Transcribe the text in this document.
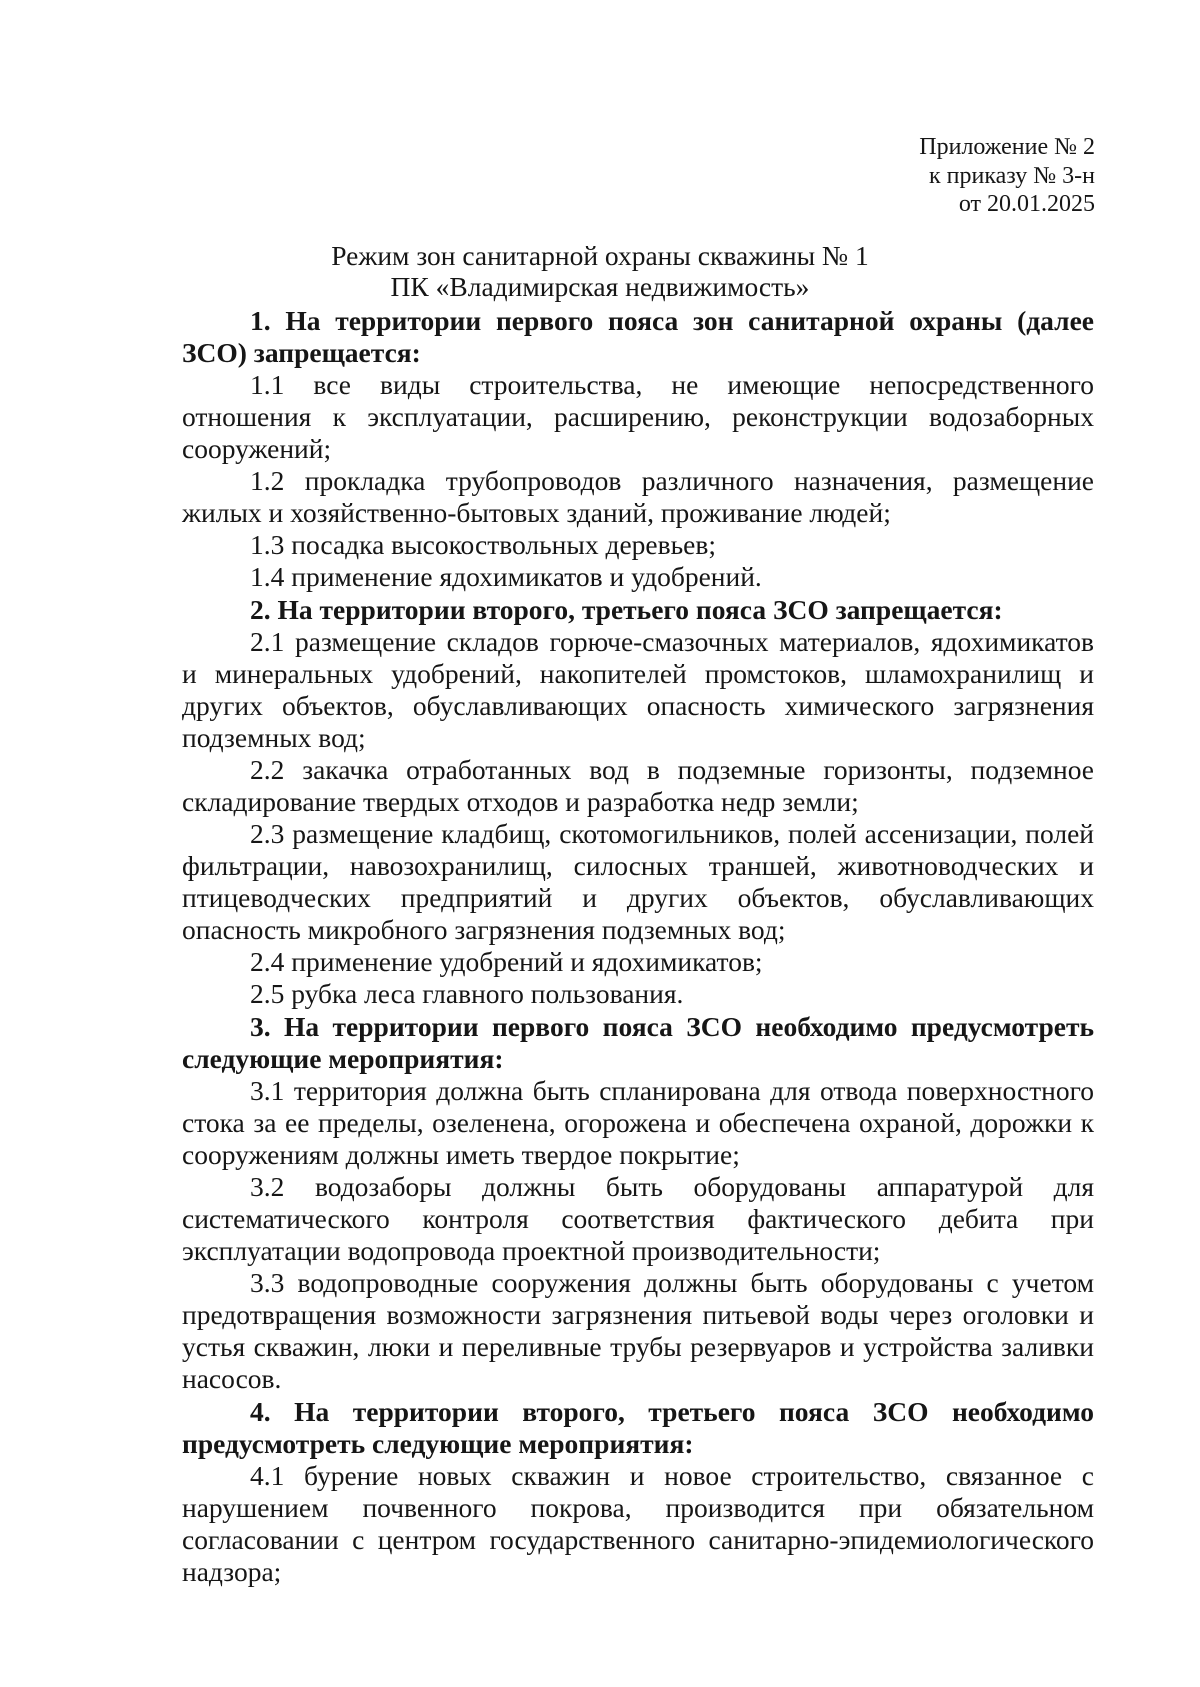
Приложение № 2
к приказу № 3-н
от 20.01.2025
Режим зон санитарной охраны скважины № 1
ПК «Владимирская недвижимость»

1. На территории первого пояса зон санитарной охраны (далее ЗСО) запрещается:

1.1 все виды строительства, не имеющие непосредственного отношения к эксплуатации, расширению, реконструкции водозаборных сооружений;

1.2 прокладка трубопроводов различного назначения, размещение жилых и хозяйственно-бытовых зданий, проживание людей;

1.3 посадка высокоствольных деревьев;

1.4 применение ядохимикатов и удобрений.

2. На территории второго, третьего пояса ЗСО запрещается:

2.1 размещение складов горюче-смазочных материалов, ядохимикатов и минеральных удобрений, накопителей промстоков, шламохранилищ и других объектов, обуславливающих опасность химического загрязнения подземных вод;

2.2 закачка отработанных вод в подземные горизонты, подземное складирование твердых отходов и разработка недр земли;

2.3 размещение кладбищ, скотомогильников, полей ассенизации, полей фильтрации, навозохранилищ, силосных траншей, животноводческих и птицеводческих предприятий и других объектов, обуславливающих опасность микробного загрязнения подземных вод;

2.4 применение удобрений и ядохимикатов;

2.5 рубка леса главного пользования.

3. На территории первого пояса ЗСО необходимо предусмотреть следующие мероприятия:

3.1 территория должна быть спланирована для отвода поверхностного стока за ее пределы, озеленена, огорожена и обеспечена охраной, дорожки к сооружениям должны иметь твердое покрытие;

3.2 водозаборы должны быть оборудованы аппаратурой для систематического контроля соответствия фактического дебита при эксплуатации водопровода проектной производительности;

3.3 водопроводные сооружения должны быть оборудованы с учетом предотвращения возможности загрязнения питьевой воды через оголовки и устья скважин, люки и переливные трубы резервуаров и устройства заливки насосов.

4. На территории второго, третьего пояса ЗСО необходимо предусмотреть следующие мероприятия:

4.1 бурение новых скважин и новое строительство, связанное с нарушением почвенного покрова, производится при обязательном согласовании с центром государственного санитарно-эпидемиологического надзора;
